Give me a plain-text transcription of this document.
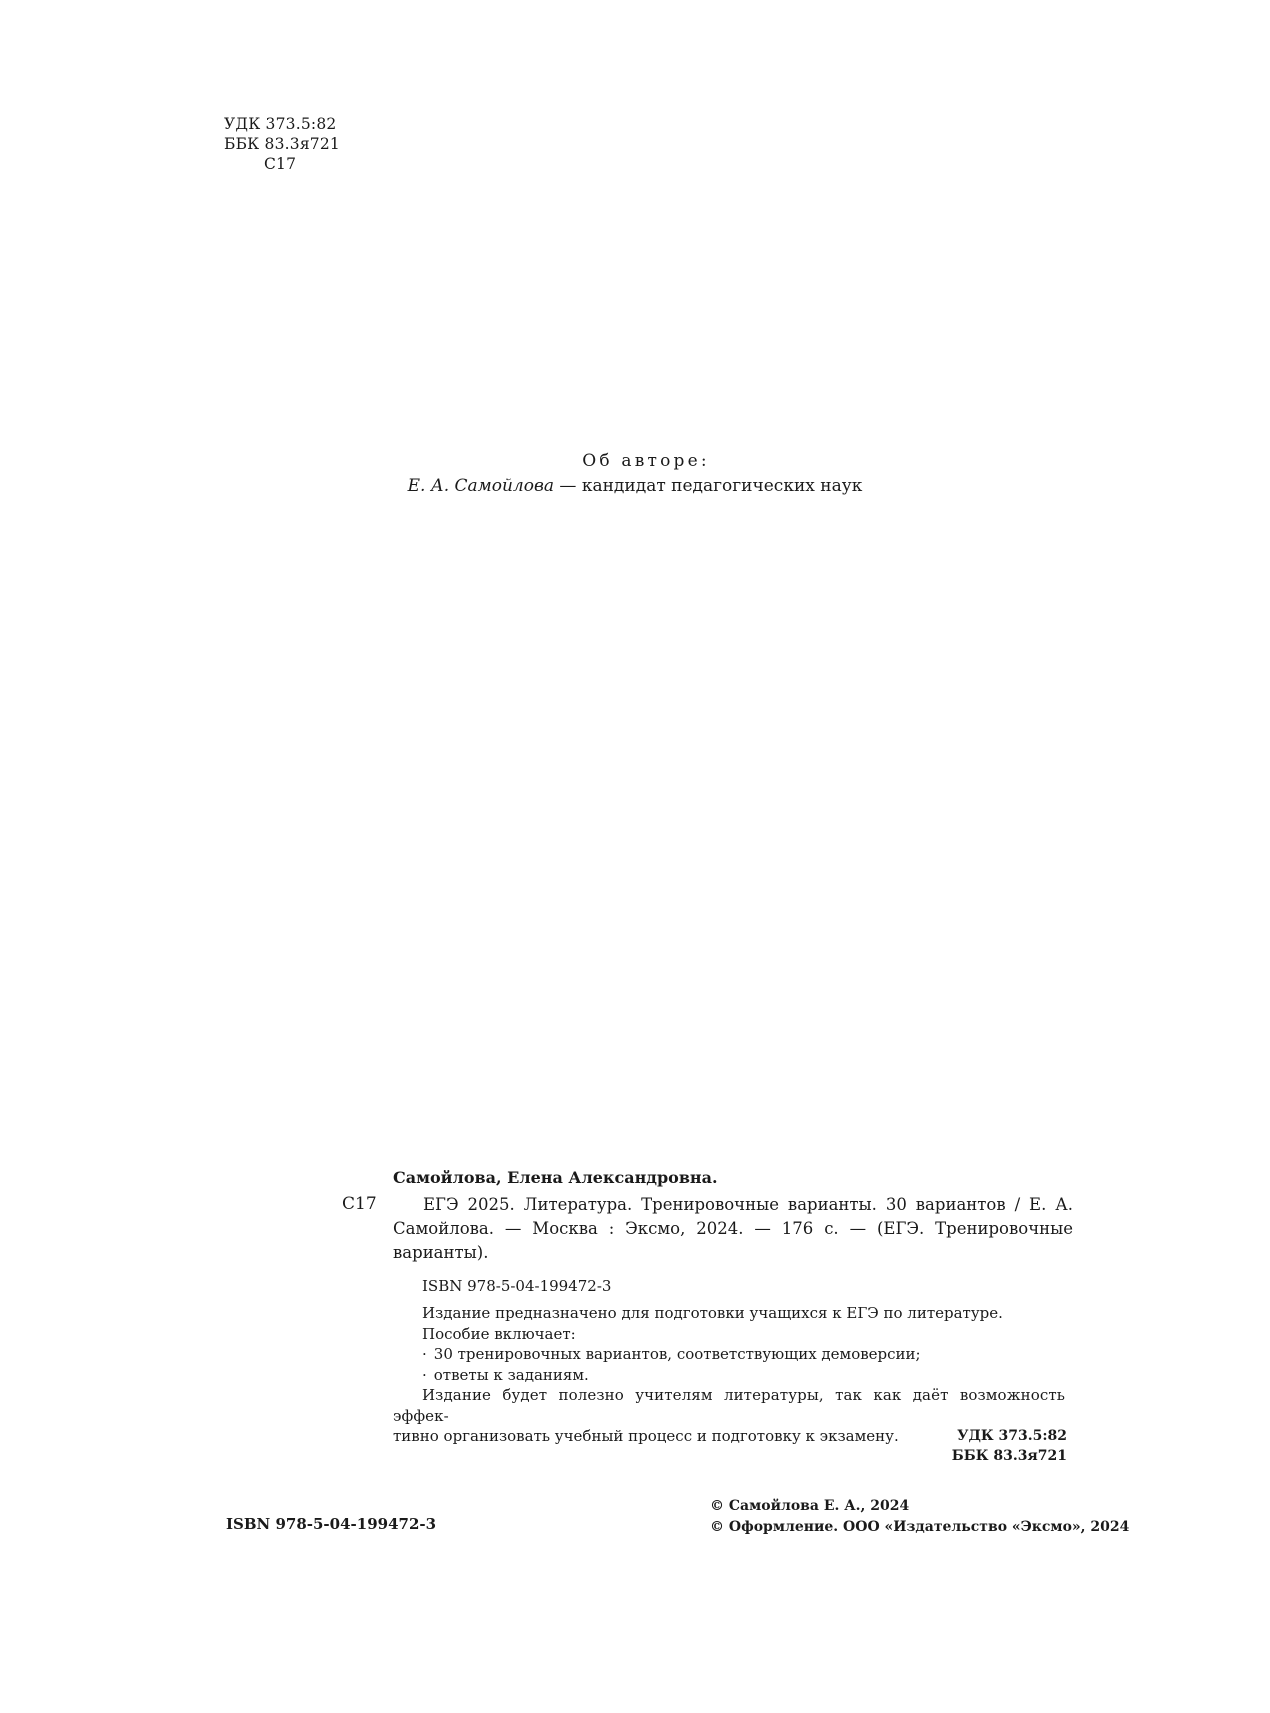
УДК 373.5:82
ББК 83.3я721
С17
Об авторе:
Е. А. Самойлова — кандидат педагогических наук
Самойлова, Елена Александровна.
С17	ЕГЭ 2025. Литература. Тренировочные варианты. 30 вариантов / Е. А. Самойлова. — Москва : Эксмо, 2024. — 176 с. — (ЕГЭ. Тренировочные варианты).
ISBN 978-5-04-199472-3

Издание предназначено для подготовки учащихся к ЕГЭ по литературе.

Пособие включает:

· 30 тренировочных вариантов, соответствующих демоверсии;

· ответы к заданиям.

Издание будет полезно учителям литературы, так как даёт возможность эффек-

тивно организовать учебный процесс и подготовку к экзамену.	УДК 373.5:82
ББК 83.3я721
ISBN 978-5-04-199472-3
© Самойлова Е. А., 2024
© Оформление. ООО «Издательство «Эксмо», 2024
